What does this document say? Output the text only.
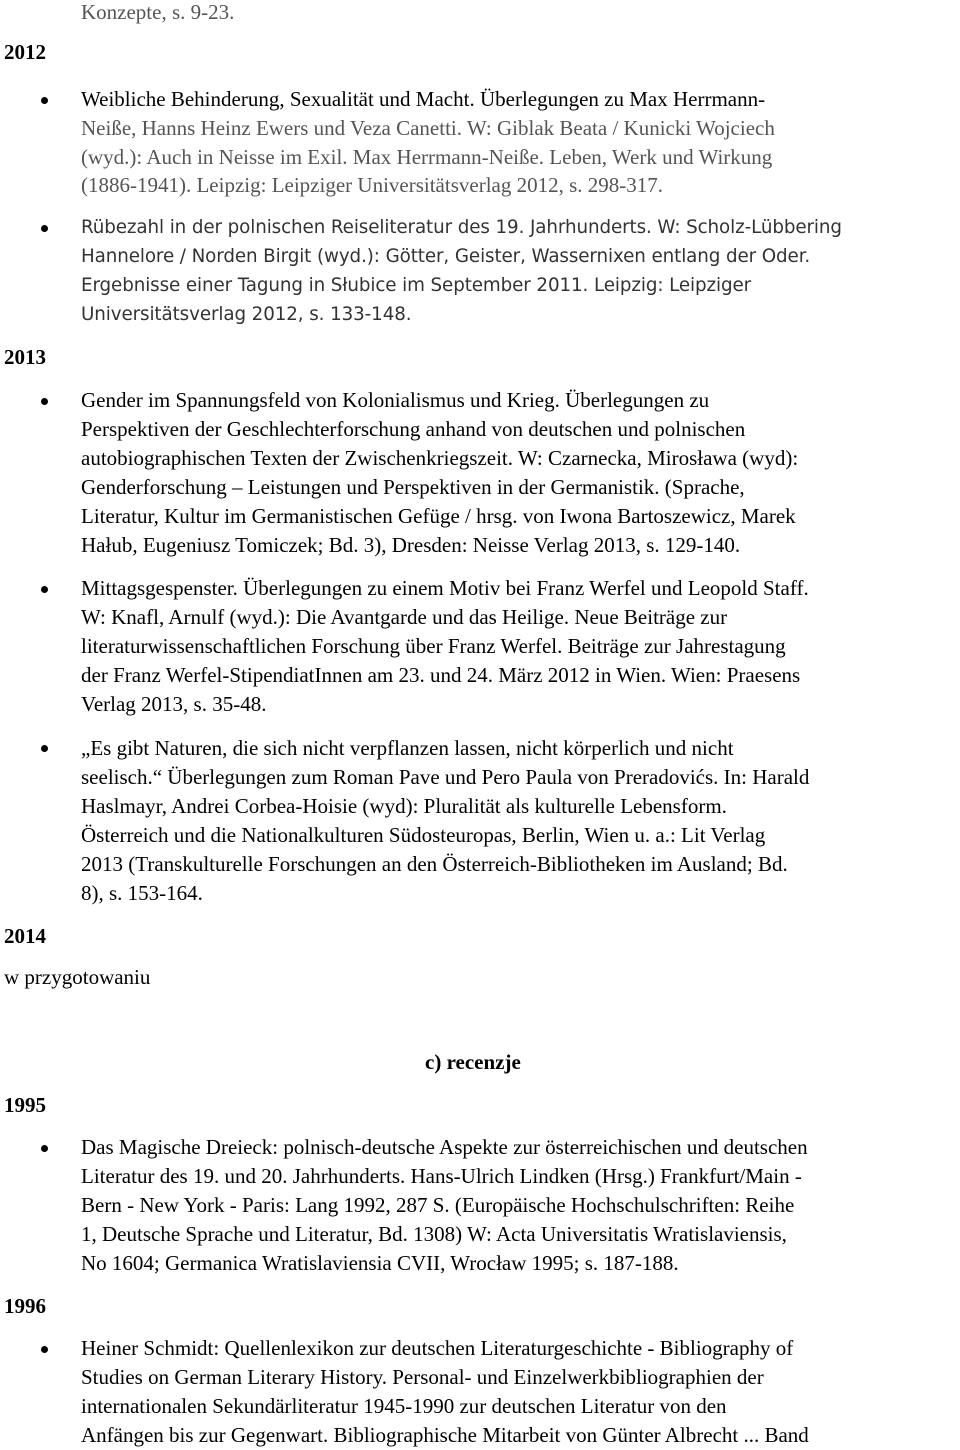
Konzepte, s. 9-23.
2012
Weibliche Behinderung, Sexualität und Macht. Überlegungen zu Max Herrmann-
Neiße, Hanns Heinz Ewers und Veza Canetti. W: Giblak Beata / Kunicki Wojciech
(wyd.): Auch in Neisse im Exil. Max Herrmann-Neiße. Leben, Werk und Wirkung
(1886-1941). Leipzig: Leipziger Universitätsverlag 2012, s. 298-317.
Rübezahl in der polnischen Reiseliteratur des 19. Jahrhunderts. W: Scholz-Lübbering
Hannelore / Norden Birgit (wyd.): Götter, Geister, Wassernixen entlang der Oder.
Ergebnisse einer Tagung in Słubice im September 2011. Leipzig: Leipziger
Universitätsverlag 2012, s. 133-148.
2013
Gender im Spannungsfeld von Kolonialismus und Krieg. Überlegungen zu
Perspektiven der Geschlechterforschung anhand von deutschen und polnischen
autobiographischen Texten der Zwischenkriegszeit. W: Czarnecka, Mirosława (wyd):
Genderforschung – Leistungen und Perspektiven in der Germanistik. (Sprache,
Literatur, Kultur im Germanistischen Gefüge / hrsg. von Iwona Bartoszewicz, Marek
Hałub, Eugeniusz Tomiczek; Bd. 3), Dresden: Neisse Verlag 2013, s. 129-140.
Mittagsgespenster. Überlegungen zu einem Motiv bei Franz Werfel und Leopold Staff.
W: Knafl, Arnulf (wyd.): Die Avantgarde und das Heilige. Neue Beiträge zur
literaturwissenschaftlichen Forschung über Franz Werfel. Beiträge zur Jahrestagung
der Franz Werfel-StipendiatInnen am 23. und 24. März 2012 in Wien. Wien: Praesens
Verlag 2013, s. 35-48.
„Es gibt Naturen, die sich nicht verpflanzen lassen, nicht körperlich und nicht
seelisch.“ Überlegungen zum Roman Pave und Pero Paula von Preradovićs. In: Harald
Haslmayr, Andrei Corbea-Hoisie (wyd): Pluralität als kulturelle Lebensform.
Österreich und die Nationalkulturen Südosteuropas, Berlin, Wien u. a.: Lit Verlag
2013 (Transkulturelle Forschungen an den Österreich-Bibliotheken im Ausland; Bd.
8), s. 153-164.
2014
w przygotowaniu
c) recenzje
1995
Das Magische Dreieck: polnisch-deutsche Aspekte zur österreichischen und deutschen
Literatur des 19. und 20. Jahrhunderts. Hans-Ulrich Lindken (Hrsg.) Frankfurt/Main -
Bern - New York - Paris: Lang 1992, 287 S. (Europäische Hochschulschriften: Reihe
1, Deutsche Sprache und Literatur, Bd. 1308) W: Acta Universitatis Wratislaviensis,
No 1604; Germanica Wratislaviensia CVII, Wrocław 1995; s. 187-188.
1996
Heiner Schmidt: Quellenlexikon zur deutschen Literaturgeschichte - Bibliography of
Studies on German Literary History. Personal- und Einzelwerkbibliographien der
internationalen Sekundärliteratur 1945-1990 zur deutschen Literatur von den
Anfängen bis zur Gegenwart. Bibliographische Mitarbeit von Günter Albrecht ... Band
